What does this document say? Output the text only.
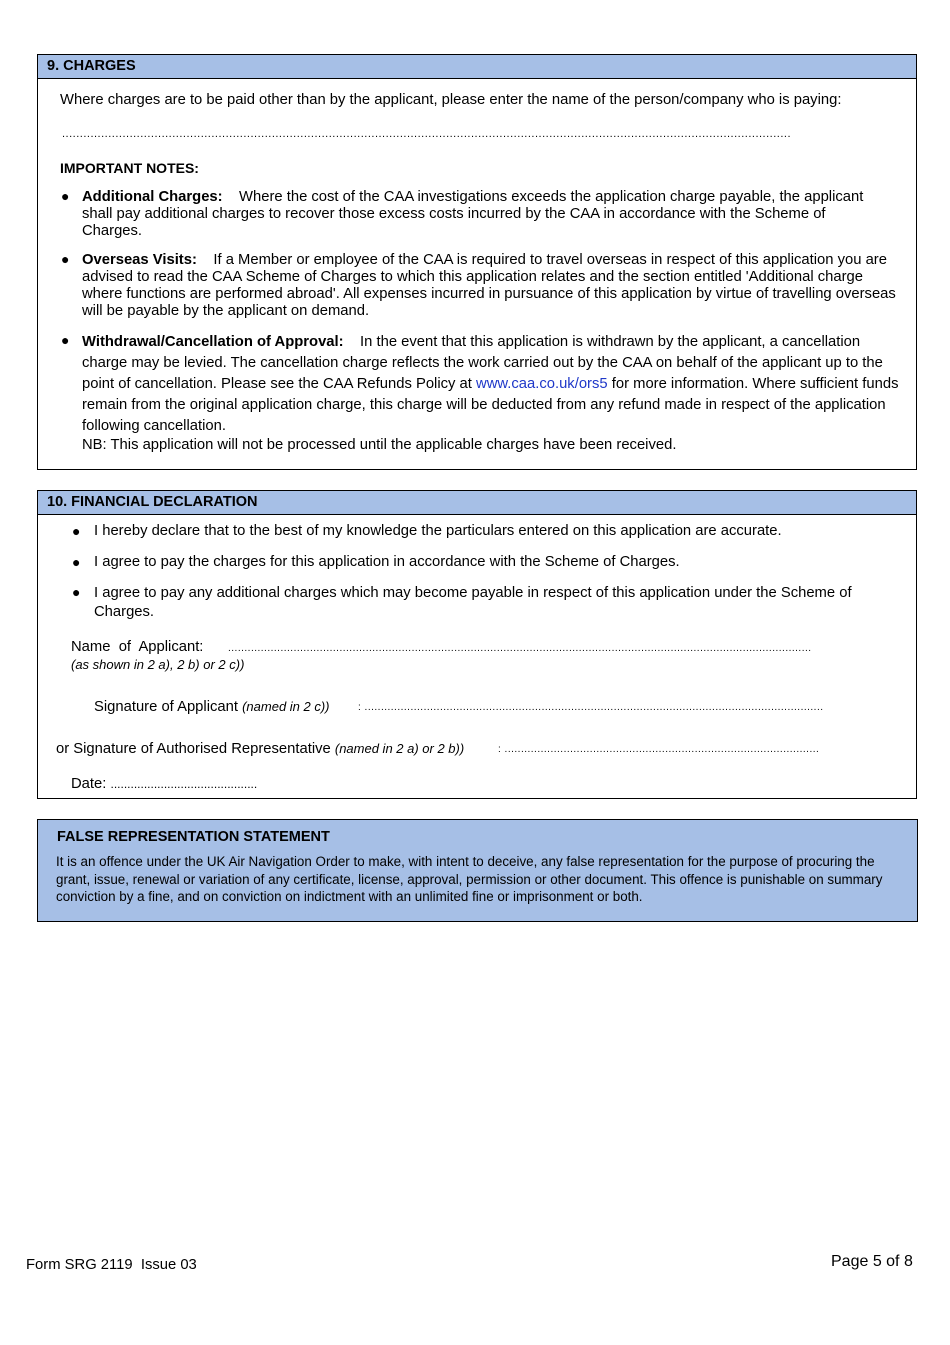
9. CHARGES
Where charges are to be paid other than by the applicant, please enter the name of the person/company who is paying:
.............................................................................................................................................................................................................
IMPORTANT NOTES:
● Additional Charges: Where the cost of the CAA investigations exceeds the application charge payable, the applicant shall pay additional charges to recover those excess costs incurred by the CAA in accordance with the Scheme of Charges.
● Overseas Visits: If a Member or employee of the CAA is required to travel overseas in respect of this application you are advised to read the CAA Scheme of Charges to which this application relates and the section entitled 'Additional charge where functions are performed abroad'. All expenses incurred in pursuance of this application by virtue of travelling overseas will be payable by the applicant on demand.
● Withdrawal/Cancellation of Approval: In the event that this application is withdrawn by the applicant, a cancellation charge may be levied. The cancellation charge reflects the work carried out by the CAA on behalf of the applicant up to the point of cancellation. Please see the CAA Refunds Policy at www.caa.co.uk/ors5 for more information. Where sufficient funds remain from the original application charge, this charge will be deducted from any refund made in respect of the application following cancellation.
NB: This application will not be processed until the applicable charges have been received.
10. FINANCIAL DECLARATION
● I hereby declare that to the best of my knowledge the particulars entered on this application are accurate.
● I agree to pay the charges for this application in accordance with the Scheme of Charges.
● I agree to pay any additional charges which may become payable in respect of this application under the Scheme of Charges.
Name  of  Applicant: ..................................................................................................................................................................................
(as shown in 2 a), 2 b) or 2 c))
Signature of Applicant (named in 2 c))	: ............................................................................................................................................
or Signature of Authorised Representative (named in 2 a) or 2 b))	: ................................................................................................
Date: ............................................
FALSE REPRESENTATION STATEMENT
It is an offence under the UK Air Navigation Order to make, with intent to deceive, any false representation for the purpose of procuring the grant, issue, renewal or variation of any certificate, license, approval, permission or other document. This offence is punishable on summary conviction by a fine, and on conviction on indictment with an unlimited fine or imprisonment or both.
Form SRG 2119  Issue 03	Page 5 of 8
